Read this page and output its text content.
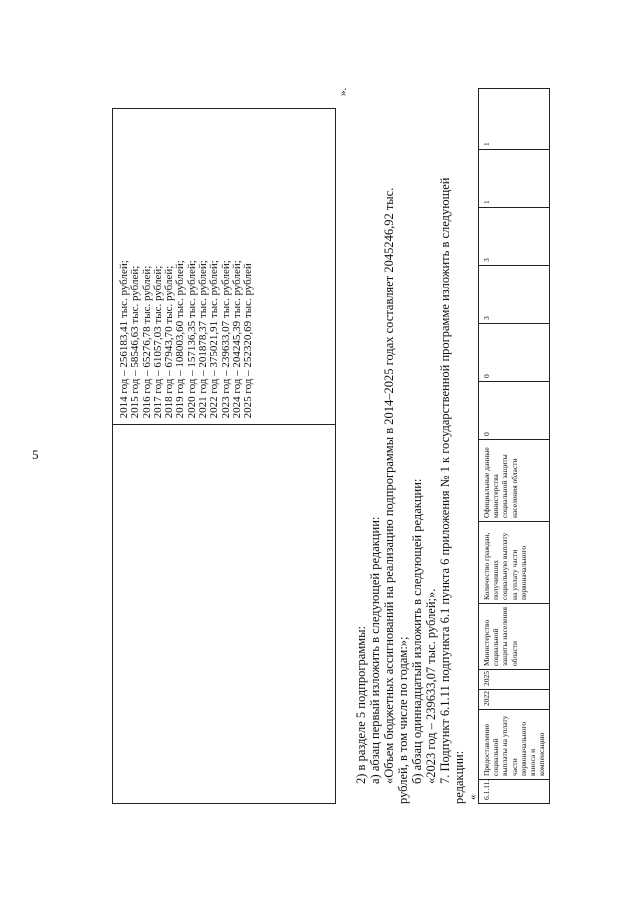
5

2014 год – 256183,41 тыс. рублей; 2015 год – 58546,63 тыс. рублей; 2016 год – 65276,78 тыс. рублей; 2017 год – 61057,03 тыс. рублей; 2018 год – 67943,70 тыс. рублей; 2019 год – 108003,60 тыс. рублей; 2020 год – 157136,35 тыс. рублей; 2021 год – 201878,37 тыс. рублей; 2022 год – 375021,91 тыс. рублей; 2023 год – 239633,07 тыс. рублей; 2024 год – 204245,39 тыс. рублей; 2025 год – 252320,69 тыс. рублей
».
2) в разделе 5 подпрограммы: а) абзац первый изложить в следующей редакции: «Объем бюджетных ассигнований на реализацию подпрограммы в 2014–2025 годах составляет 2045246,92 тыс. рублей, в том числе по годам:»; б) абзац одиннадцатый изложить в следующей редакции: «2023 год – 239633,07 тыс. рублей;». 7. Подпункт 6.1.11 подпункта 6.1 пункта 6 приложения № 1 к государственной программе изложить в следующей редакции: « 6.1.11.	Предоставление социальной выплаты на уплату части первоначального взноса и компенсацию	2022	2025	Министерство социальной защиты населения области	Количество граждан, получивших социальную выплату на уплату части первоначального	Официальные данные министерства социальной защиты населения области	0	0	3	3	1	1
